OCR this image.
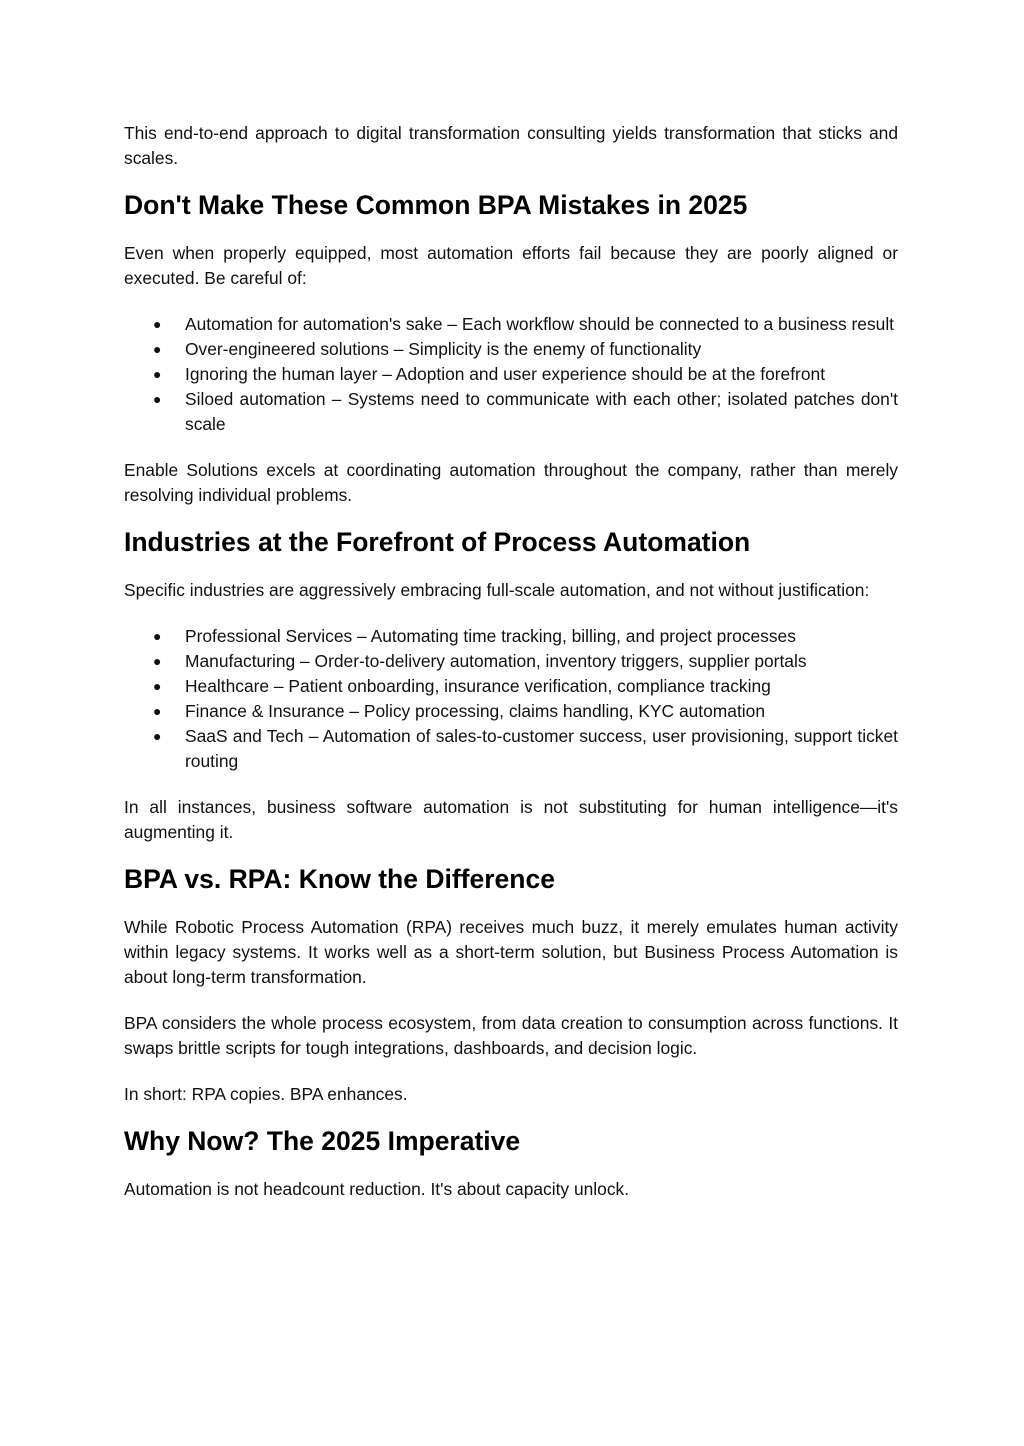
This end-to-end approach to digital transformation consulting yields transformation that sticks and scales.

Don't Make These Common BPA Mistakes in 2025

Even when properly equipped, most automation efforts fail because they are poorly aligned or executed. Be careful of:

● Automation for automation's sake – Each workflow should be connected to a business result
● Over-engineered solutions – Simplicity is the enemy of functionality
● Ignoring the human layer – Adoption and user experience should be at the forefront
● Siloed automation – Systems need to communicate with each other; isolated patches don't scale

Enable Solutions excels at coordinating automation throughout the company, rather than merely resolving individual problems.

Industries at the Forefront of Process Automation

Specific industries are aggressively embracing full-scale automation, and not without justification:

● Professional Services – Automating time tracking, billing, and project processes
● Manufacturing – Order-to-delivery automation, inventory triggers, supplier portals
● Healthcare – Patient onboarding, insurance verification, compliance tracking
● Finance & Insurance – Policy processing, claims handling, KYC automation
● SaaS and Tech – Automation of sales-to-customer success, user provisioning, support ticket routing

In all instances, business software automation is not substituting for human intelligence—it's augmenting it.

BPA vs. RPA: Know the Difference

While Robotic Process Automation (RPA) receives much buzz, it merely emulates human activity within legacy systems. It works well as a short-term solution, but Business Process Automation is about long-term transformation.

BPA considers the whole process ecosystem, from data creation to consumption across functions. It swaps brittle scripts for tough integrations, dashboards, and decision logic.

In short: RPA copies. BPA enhances.

Why Now? The 2025 Imperative

Automation is not headcount reduction. It's about capacity unlock.
